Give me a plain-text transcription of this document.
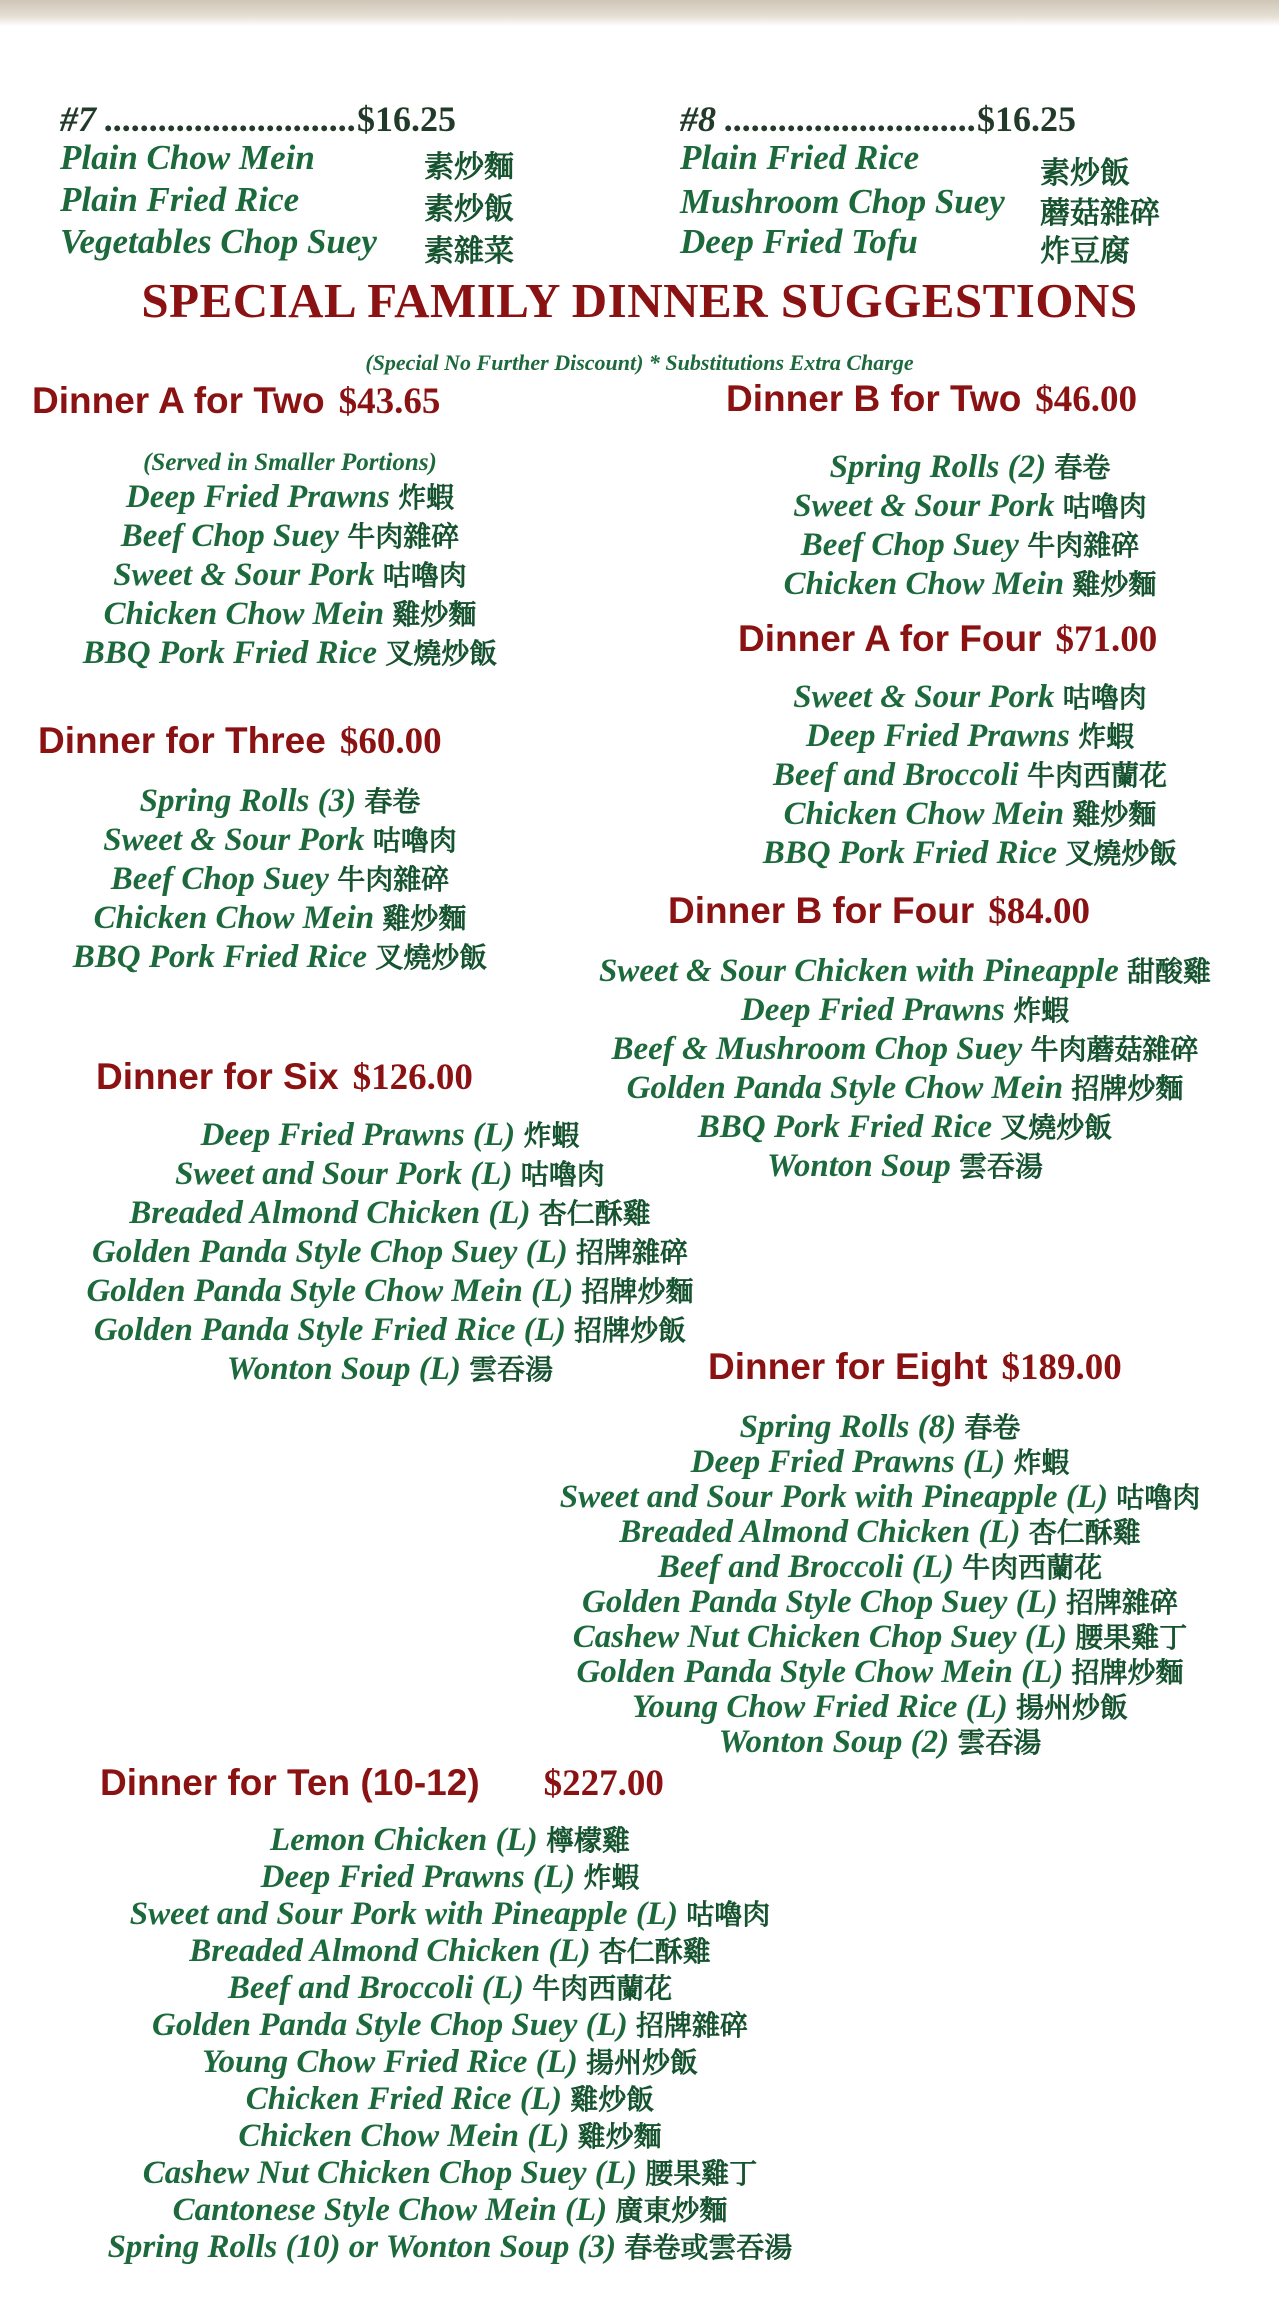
#7 ............................$16.25
Plain Chow Mein	素炒麵
Plain Fried Rice	素炒飯
Vegetables Chop Suey 素雜菜
#8 ............................$16.25
Plain Fried Rice	素炒飯
Mushroom Chop Suey 蘑菇雜碎
Deep Fried Tofu	炸豆腐
SPECIAL FAMILY DINNER SUGGESTIONS
(Special No Further Discount) * Substitutions Extra Charge
Dinner A for Two $43.65
(Served in Smaller Portions)
Deep Fried Prawns 炸蝦
Beef Chop Suey 牛肉雜碎
Sweet & Sour Pork 咕嚕肉
Chicken Chow Mein 雞炒麵
BBQ Pork Fried Rice 叉燒炒飯
Dinner B for Two $46.00
Spring Rolls (2) 春卷
Sweet & Sour Pork 咕嚕肉
Beef Chop Suey 牛肉雜碎
Chicken Chow Mein 雞炒麵
Dinner A for Four $71.00
Sweet & Sour Pork 咕嚕肉
Deep Fried Prawns 炸蝦
Beef and Broccoli 牛肉西蘭花
Chicken Chow Mein 雞炒麵
BBQ Pork Fried Rice 叉燒炒飯
Dinner for Three $60.00
Spring Rolls (3) 春卷
Sweet & Sour Pork 咕嚕肉
Beef Chop Suey 牛肉雜碎
Chicken Chow Mein 雞炒麵
BBQ Pork Fried Rice 叉燒炒飯
Dinner B for Four $84.00
Sweet & Sour Chicken with Pineapple 甜酸雞
Deep Fried Prawns 炸蝦
Beef & Mushroom Chop Suey 牛肉蘑菇雜碎
Golden Panda Style Chow Mein 招牌炒麵
BBQ Pork Fried Rice 叉燒炒飯
Wonton Soup 雲吞湯
Dinner for Six $126.00
Deep Fried Prawns (L) 炸蝦
Sweet and Sour Pork (L) 咕嚕肉
Breaded Almond Chicken (L) 杏仁酥雞
Golden Panda Style Chop Suey (L) 招牌雜碎
Golden Panda Style Chow Mein (L) 招牌炒麵
Golden Panda Style Fried Rice (L) 招牌炒飯
Wonton Soup (L) 雲吞湯	Dinner for Eight $189.00
Spring Rolls (8) 春卷
Deep Fried Prawns (L) 炸蝦
Sweet and Sour Pork with Pineapple (L) 咕嚕肉
Breaded Almond Chicken (L) 杏仁酥雞
Beef and Broccoli (L) 牛肉西蘭花
Golden Panda Style Chop Suey (L) 招牌雜碎
Cashew Nut Chicken Chop Suey (L) 腰果雞丁
Golden Panda Style Chow Mein (L) 招牌炒麵
Young Chow Fried Rice (L) 揚州炒飯
Wonton Soup (2) 雲吞湯
Dinner for Ten (10-12) $227.00
Lemon Chicken (L) 檸檬雞
Deep Fried Prawns (L) 炸蝦
Sweet and Sour Pork with Pineapple (L) 咕嚕肉
Breaded Almond Chicken (L) 杏仁酥雞
Beef and Broccoli (L) 牛肉西蘭花
Golden Panda Style Chop Suey (L) 招牌雜碎
Young Chow Fried Rice (L) 揚州炒飯
Chicken Fried Rice (L) 雞炒飯
Chicken Chow Mein (L) 雞炒麵
Cashew Nut Chicken Chop Suey (L) 腰果雞丁
Cantonese Style Chow Mein (L) 廣東炒麵
Spring Rolls (10) or Wonton Soup (3) 春卷或雲吞湯
